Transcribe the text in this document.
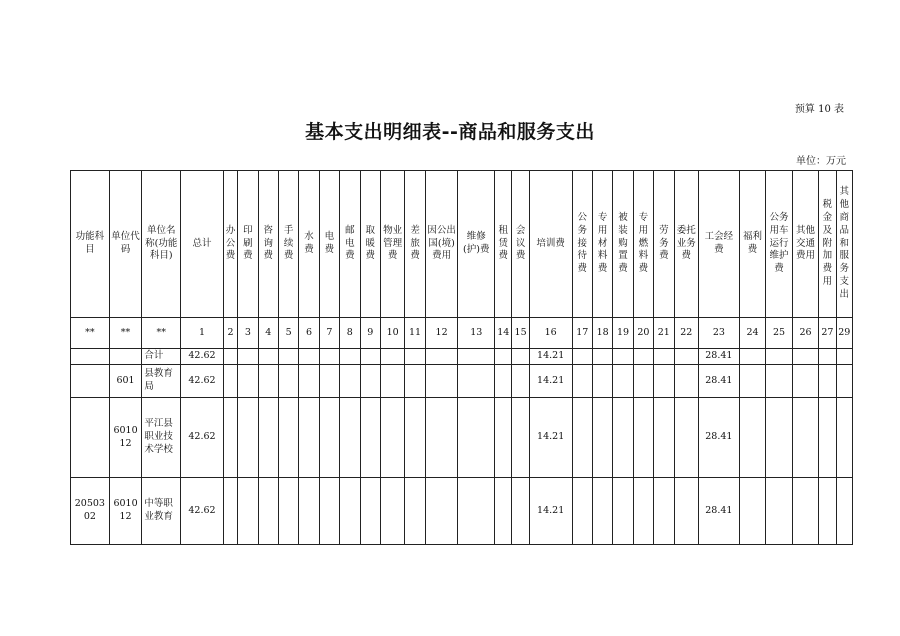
预算 10 表
基本支出明细表--商品和服务支出
单位：万元
功能科目	单位代码	单位名称(功能科目)	总计	办公费	印刷费	咨询费	手续费	水费	电费	邮电费	取暖费	物业管理费	差旅费	因公出国(境)费用	维修(护)费	租赁费	会议费	培训费	公务接待费	专用材料费	被装购置费	专用燃料费	劳务费	委托业务费	工会经费	福利费	公务用车运行维护费	其他交通费用	税金及附加费用	其他商品和服务支出
**	**	**	1	2	3	4	5	6	7	8	9	10	11	12	13	14	15	16	17	18	19	20	21	22	23	24	25	26	27	29
		合计	42.62															14.21							28.41					
	601	县教育局	42.62															14.21							28.41					
	601012	平江县职业技术学校	42.62															14.21							28.41					
2050302	601012	中等职业教育	42.62															14.21							28.41					
